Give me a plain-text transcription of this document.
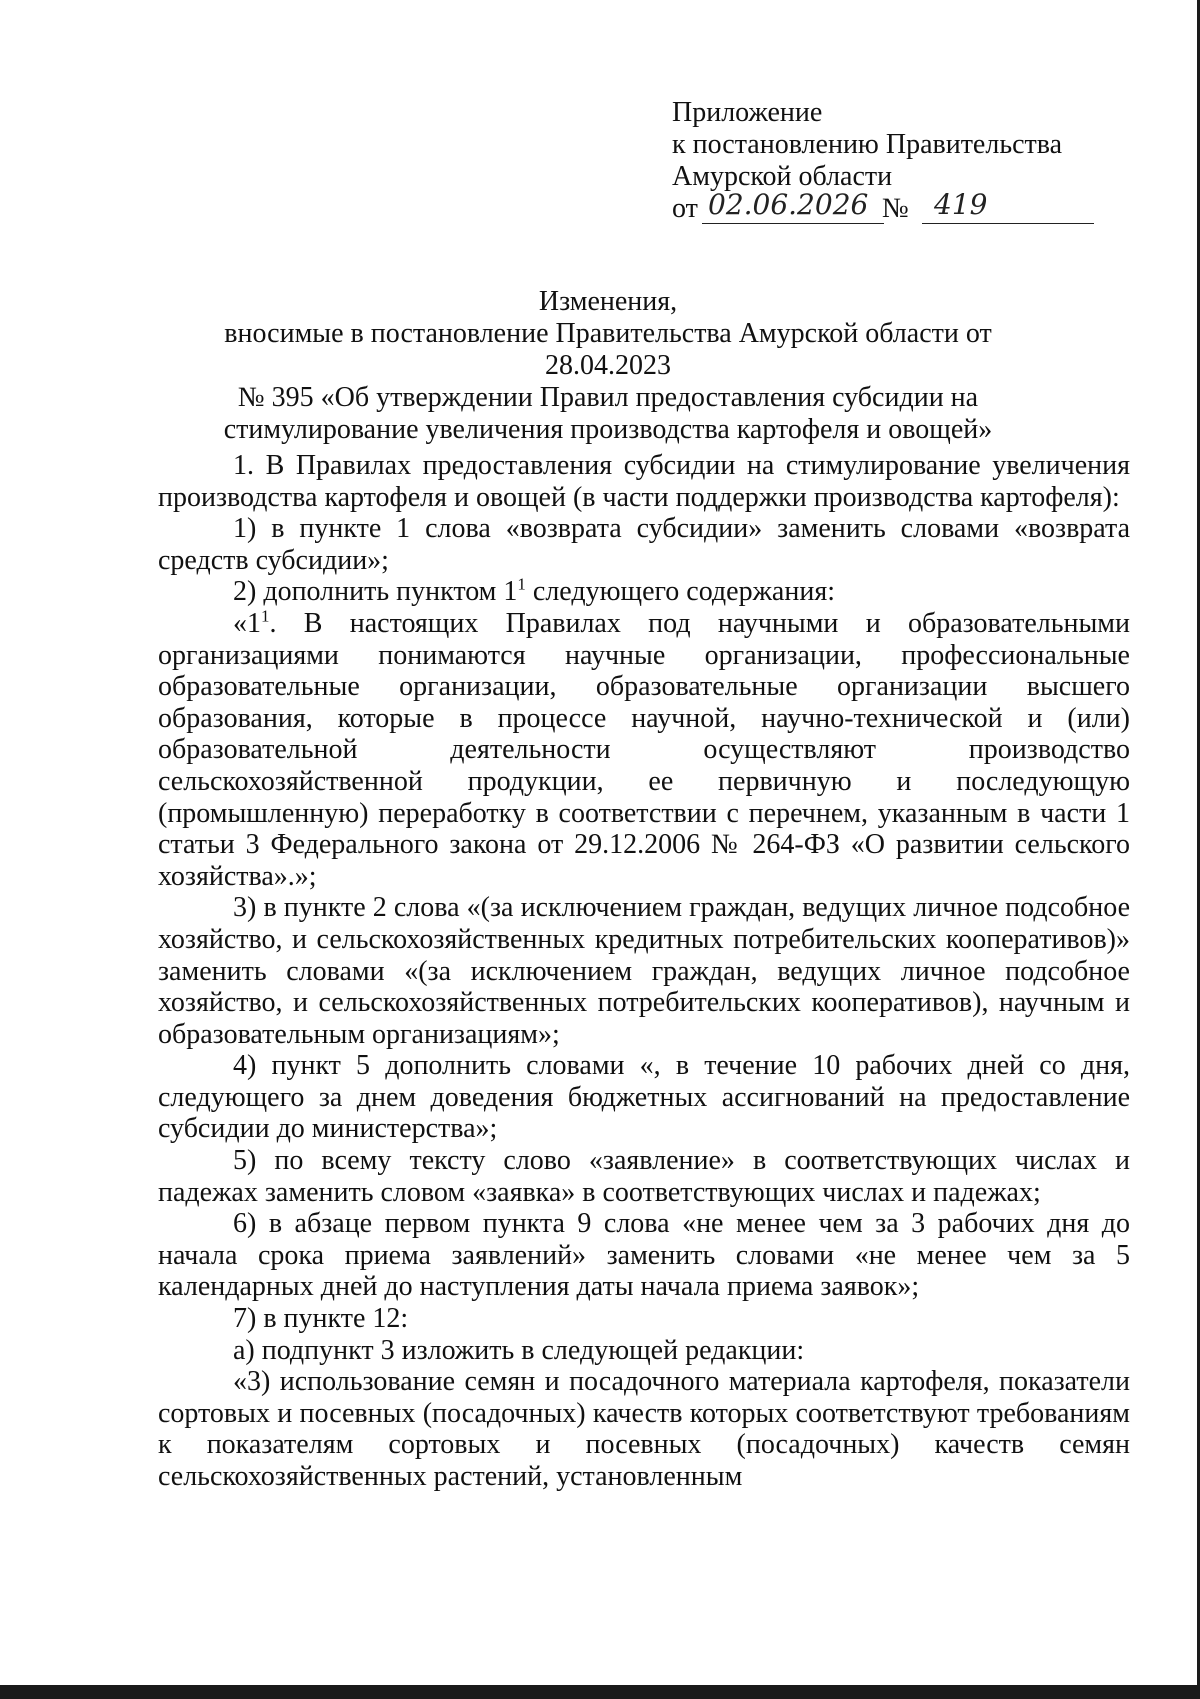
Приложение
к постановлению Правительства
Амурской области
от 02.06.2026 № 419
Изменения,
вносимые в постановление Правительства Амурской области от 28.04.2023
№ 395 «Об утверждении Правил предоставления субсидии на
стимулирование увеличения производства картофеля и овощей»

1. В Правилах предоставления субсидии на стимулирование увеличения производства картофеля и овощей (в части поддержки производства картофеля):

1) в пункте 1 слова «возврата субсидии» заменить словами «возврата средств субсидии»;

2) дополнить пунктом $1^1$ следующего содержания:

«$1^1$. В настоящих Правилах под научными и образовательными организациями понимаются научные организации, профессиональные образовательные организации, образовательные организации высшего образования, которые в процессе научной, научно-технической и (или) образовательной деятельности осуществляют производство сельскохозяйственной продукции, ее первичную и последующую (промышленную) переработку в соответствии с перечнем, указанным в части 1 статьи 3 Федерального закона от 29.12.2006 № 264-ФЗ «О развитии сельского хозяйства».»;

3) в пункте 2 слова «(за исключением граждан, ведущих личное подсобное хозяйство, и сельскохозяйственных кредитных потребительских кооперативов)» заменить словами «(за исключением граждан, ведущих личное подсобное хозяйство, и сельскохозяйственных потребительских кооперативов), научным и образовательным организациям»;

4) пункт 5 дополнить словами «, в течение 10 рабочих дней со дня, следующего за днем доведения бюджетных ассигнований на предоставление субсидии до министерства»;

5) по всему тексту слово «заявление» в соответствующих числах и падежах заменить словом «заявка» в соответствующих числах и падежах;

6) в абзаце первом пункта 9 слова «не менее чем за 3 рабочих дня до начала срока приема заявлений» заменить словами «не менее чем за 5 календарных дней до наступления даты начала приема заявок»;

7) в пункте 12:

а) подпункт 3 изложить в следующей редакции:

«3) использование семян и посадочного материала картофеля, показатели сортовых и посевных (посадочных) качеств которых соответствуют требованиям к показателям сортовых и посевных (посадочных) качеств семян сельскохозяйственных растений, установленным
